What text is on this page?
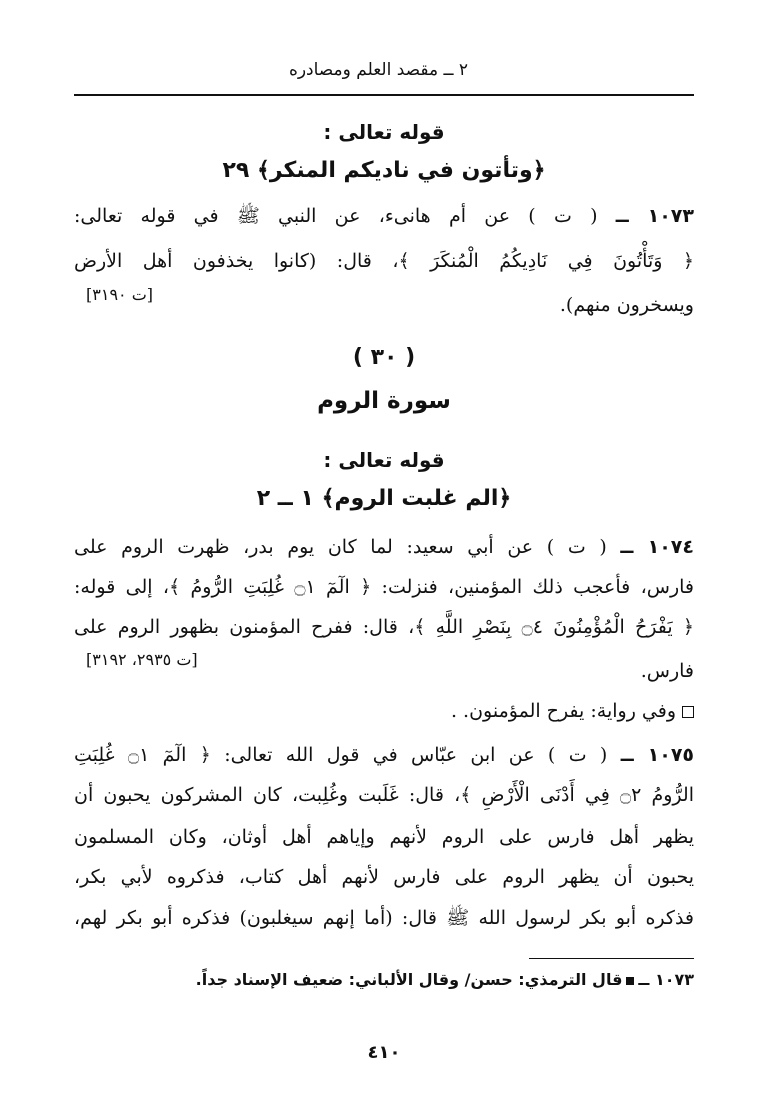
٢ ــ مقصد العلم ومصادره
قوله تعالى :
﴿وتأتون في ناديكم المنكر﴾ ٢٩
١٠٧٣ ــ ( ت ) عن أم هانىء، عن النبي ﷺ في قوله تعالى:
﴿ وَتَأْتُونَ فِي نَادِيكُمُ الْمُنكَرَ ﴾، قال: (كانوا يخذفون أهل الأرض
ويسخرون منهم).
[ت ٣١٩٠]
( ٣٠ )
سورة الروم
قوله تعالى :
﴿الم غلبت الروم﴾ ١ ــ ٢
١٠٧٤ ــ ( ت ) عن أبي سعيد: لما كان يوم بدر، ظهرت الروم على
فارس، فأعجب ذلك المؤمنين، فنزلت: ﴿ الٓمٓ ۝١ غُلِبَتِ الرُّومُ ﴾، إلى قوله:
﴿ يَفْرَحُ الْمُؤْمِنُونَ ۝٤ بِنَصْرِ اللَّهِ ﴾، قال: ففرح المؤمنون بظهور الروم على
فارس.
[ت ٢٩٣٥، ٣١٩٢]
وفي رواية: يفرح المؤمنون. .
١٠٧٥ ــ ( ت ) عن ابن عبّاس في قول الله تعالى: ﴿ الٓمٓ ۝١ غُلِبَتِ
الرُّومُ ۝٢ فِي أَدْنَى الْأَرْضِ ﴾، قال: غَلَبت وغُلِبت، كان المشركون يحبون أن
يظهر أهل فارس على الروم لأنهم وإياهم أهل أوثان، وكان المسلمون
يحبون أن يظهر الروم على فارس لأنهم أهل كتاب، فذكروه لأبي بكر،
فذكره أبو بكر لرسول الله ﷺ قال: (أما إنهم سيغلبون) فذكره أبو بكر لهم،
١٠٧٣ ــقال الترمذي: حسن/ وقال الألباني: ضعيف الإسناد جداً.
٤١٠
